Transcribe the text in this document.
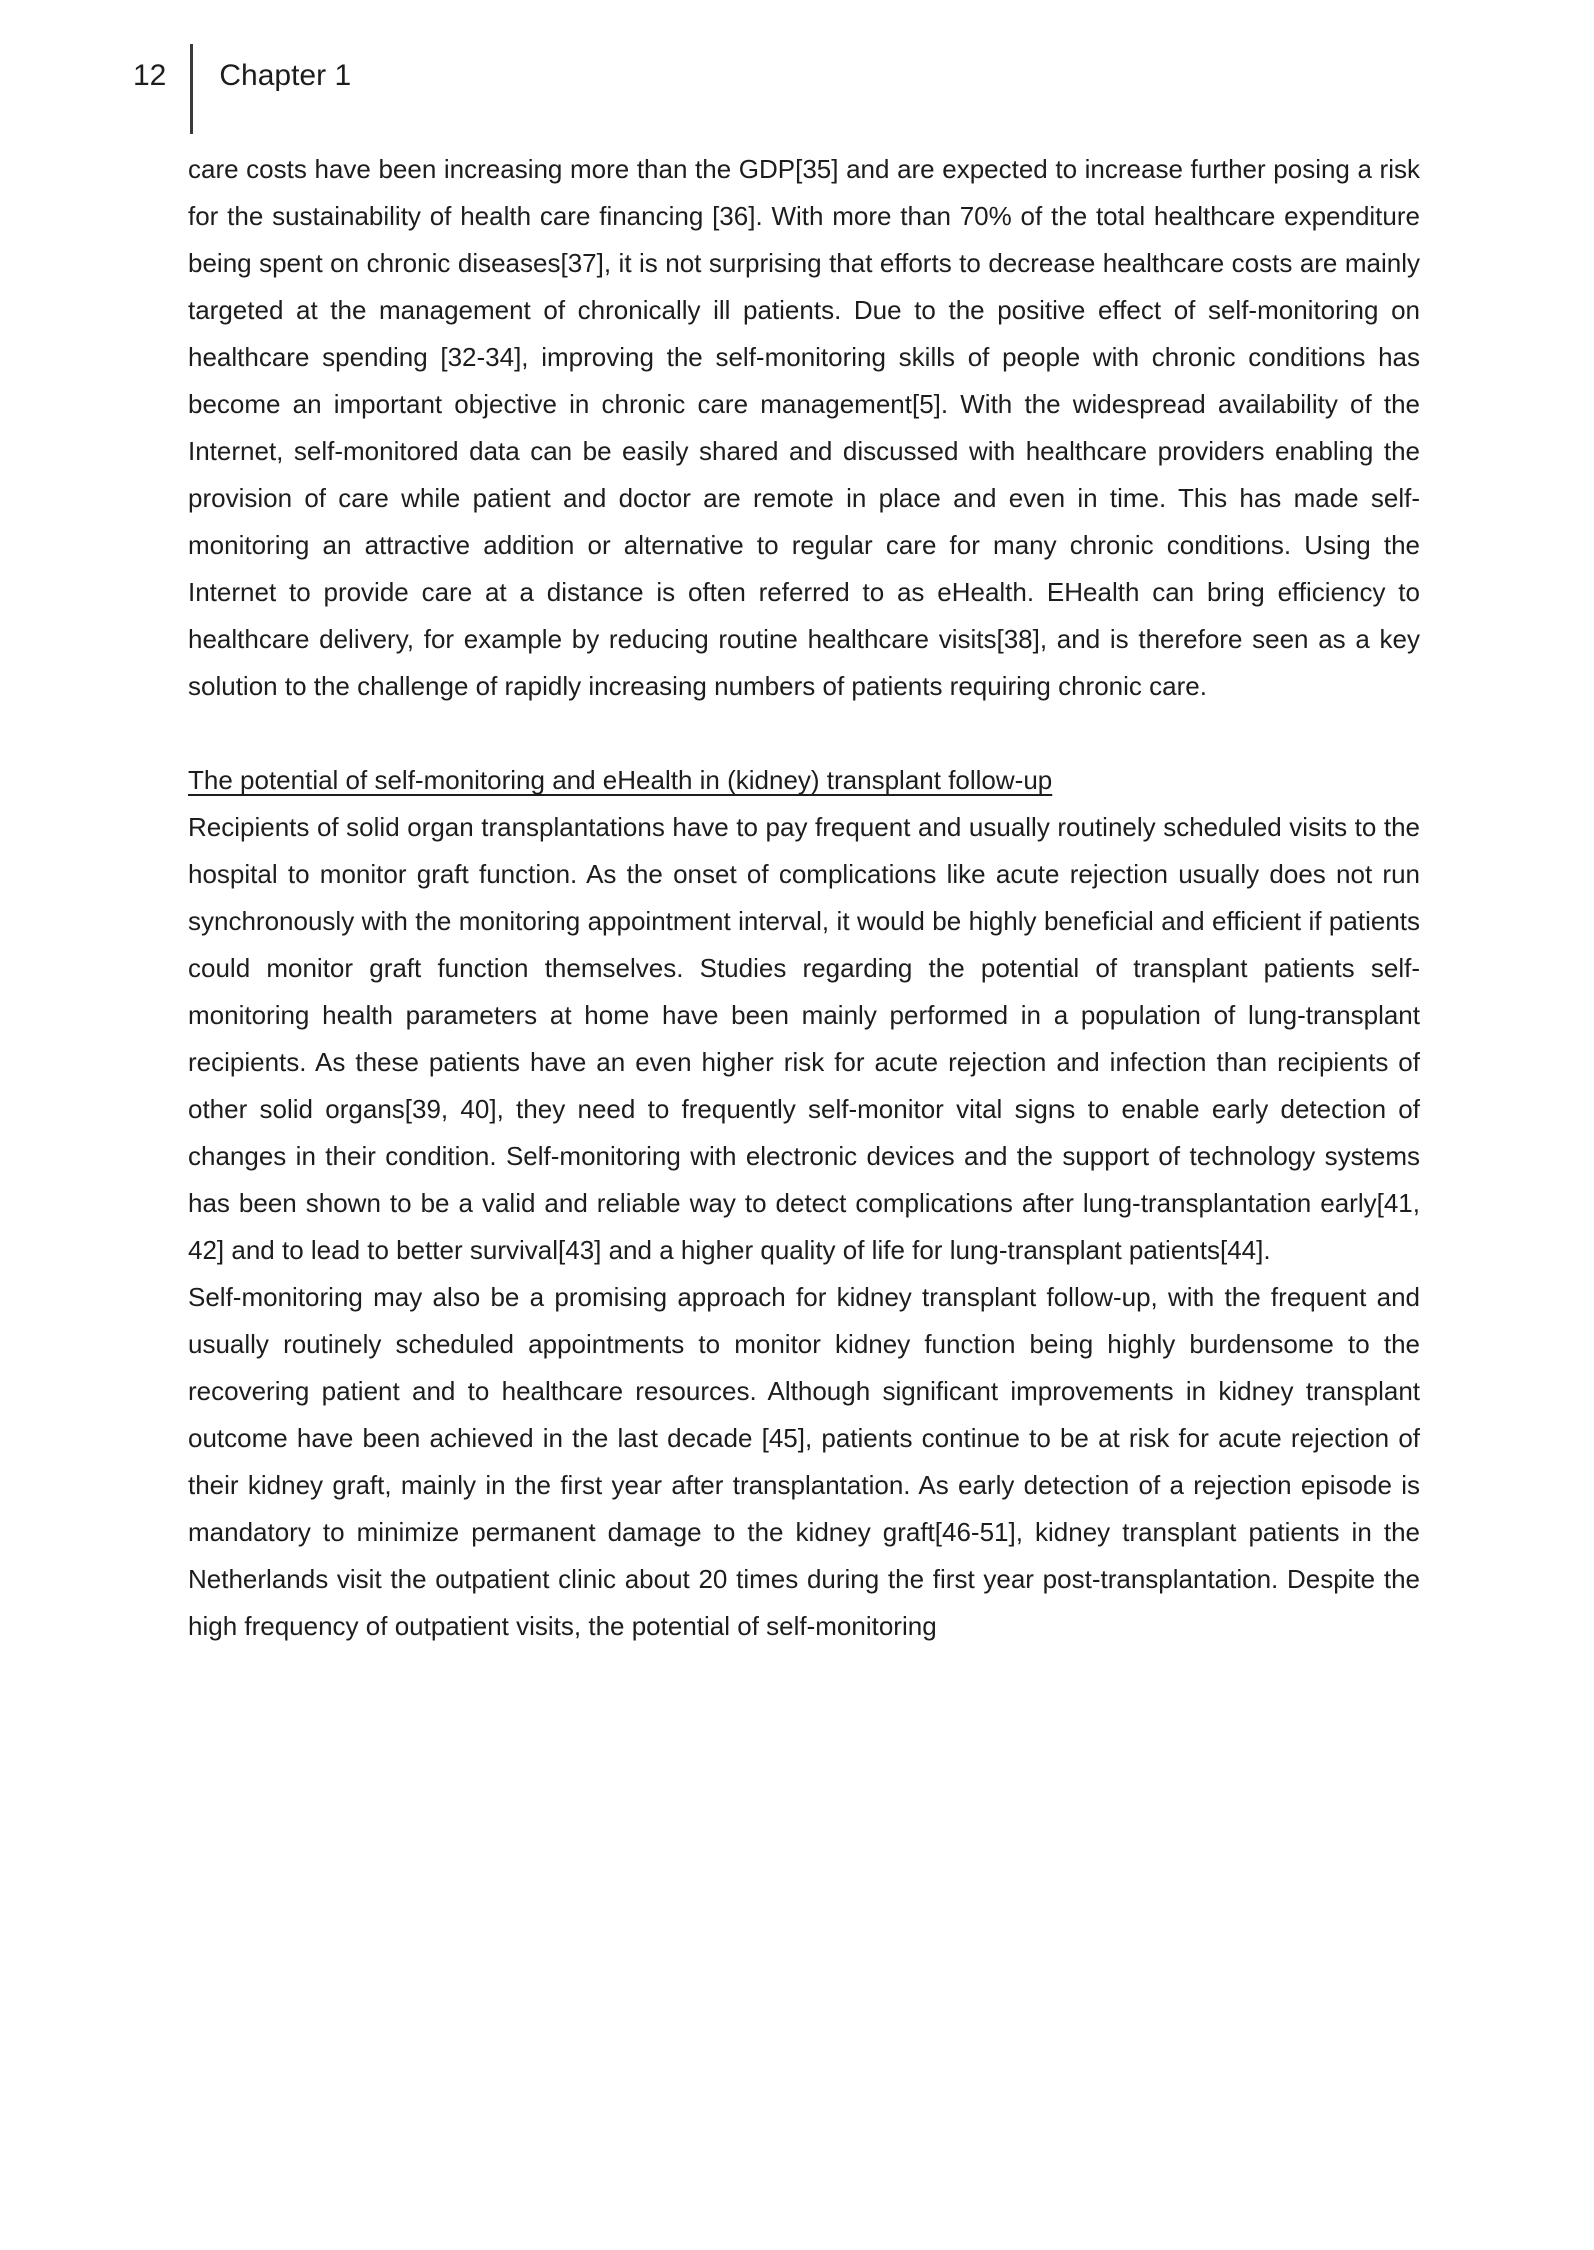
12 Chapter 1

care costs have been increasing more than the GDP[35] and are expected to increase further posing a risk for the sustainability of health care financing [36]. With more than 70% of the total healthcare expenditure being spent on chronic diseases[37], it is not surprising that efforts to decrease healthcare costs are mainly targeted at the management of chronically ill patients. Due to the positive effect of self-monitoring on healthcare spending [32-34], improving the self-monitoring skills of people with chronic conditions has become an important objective in chronic care management[5]. With the widespread availability of the Internet, self-monitored data can be easily shared and discussed with healthcare providers enabling the provision of care while patient and doctor are remote in place and even in time. This has made self-monitoring an attractive addition or alternative to regular care for many chronic conditions. Using the Internet to provide care at a distance is often referred to as eHealth. EHealth can bring efficiency to healthcare delivery, for example by reducing routine healthcare visits[38], and is therefore seen as a key solution to the challenge of rapidly increasing numbers of patients requiring chronic care.

The potential of self-monitoring and eHealth in (kidney) transplant follow-up

Recipients of solid organ transplantations have to pay frequent and usually routinely scheduled visits to the hospital to monitor graft function. As the onset of complications like acute rejection usually does not run synchronously with the monitoring appointment interval, it would be highly beneficial and efficient if patients could monitor graft function themselves. Studies regarding the potential of transplant patients self-monitoring health parameters at home have been mainly performed in a population of lung-transplant recipients. As these patients have an even higher risk for acute rejection and infection than recipients of other solid organs[39, 40], they need to frequently self-monitor vital signs to enable early detection of changes in their condition. Self-monitoring with electronic devices and the support of technology systems has been shown to be a valid and reliable way to detect complications after lung-transplantation early[41, 42] and to lead to better survival[43] and a higher quality of life for lung-transplant patients[44].

Self-monitoring may also be a promising approach for kidney transplant follow-up, with the frequent and usually routinely scheduled appointments to monitor kidney function being highly burdensome to the recovering patient and to healthcare resources. Although significant improvements in kidney transplant outcome have been achieved in the last decade [45], patients continue to be at risk for acute rejection of their kidney graft, mainly in the first year after transplantation. As early detection of a rejection episode is mandatory to minimize permanent damage to the kidney graft[46-51], kidney transplant patients in the Netherlands visit the outpatient clinic about 20 times during the first year post-transplantation. Despite the high frequency of outpatient visits, the potential of self-monitoring
